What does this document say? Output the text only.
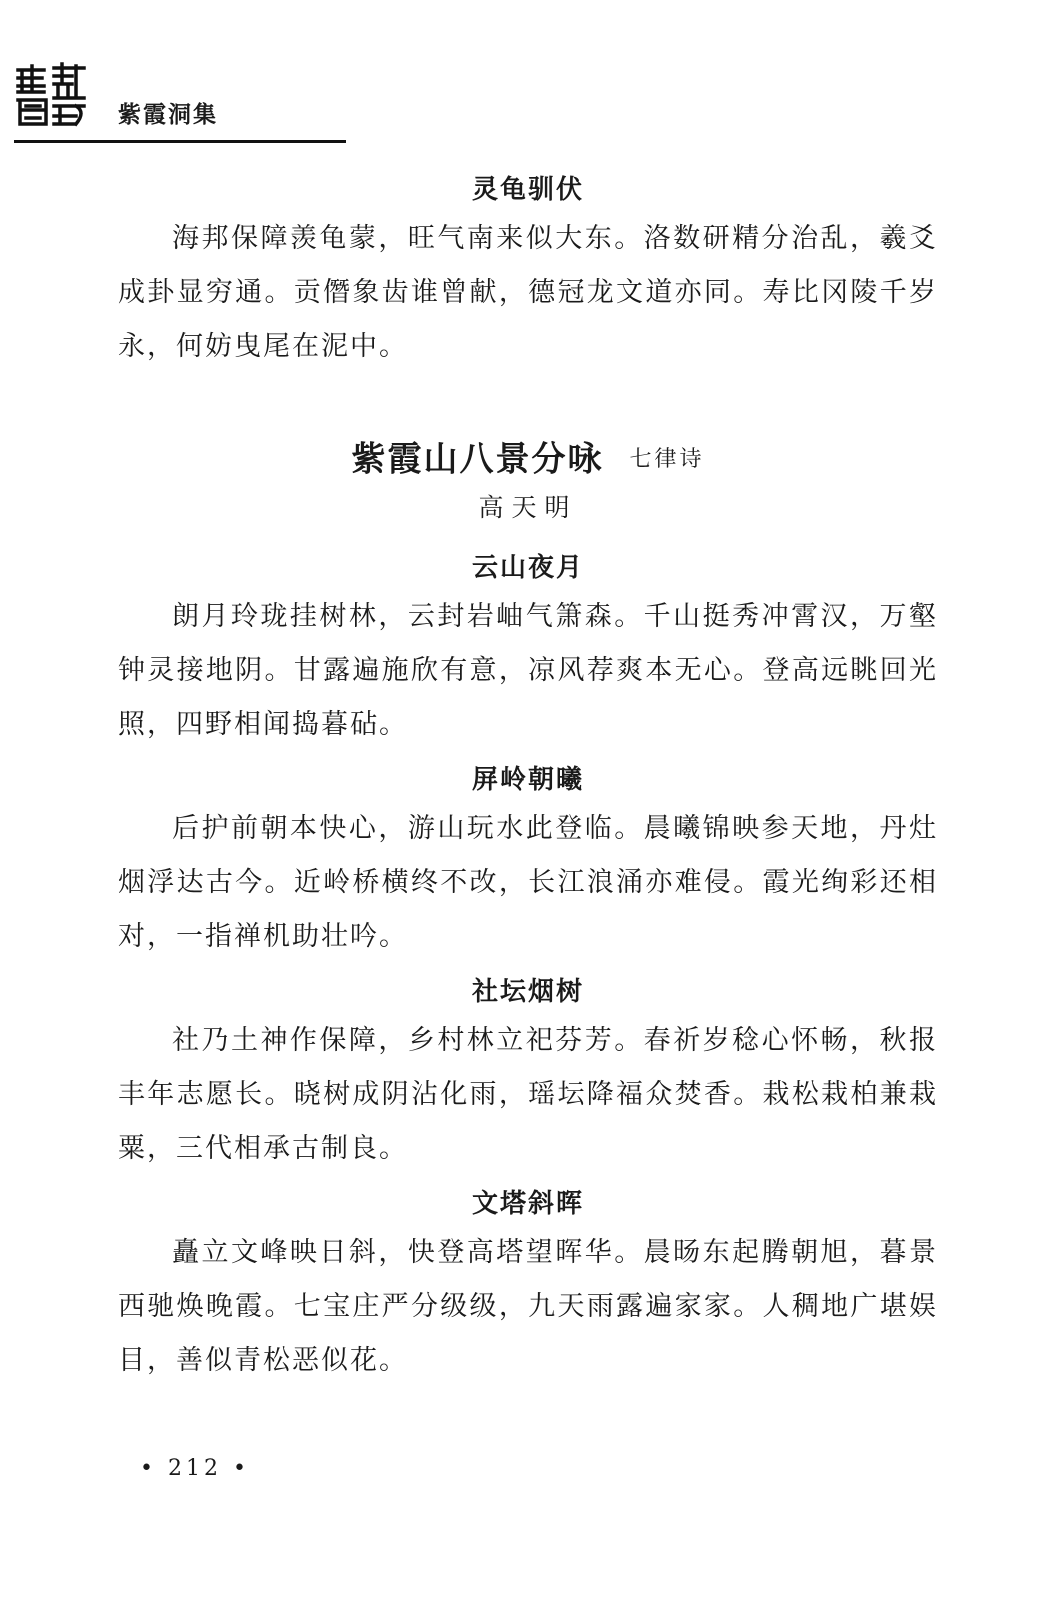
紫霞洞集
灵龟驯伏

海邦保障羡龟蒙，旺气南来似大东。洛数研精分治乱，羲爻成卦显穷通。贡僭象齿谁曾献，德冠龙文道亦同。寿比冈陵千岁永，何妨曳尾在泥中。

紫霞山八景分咏 七律诗
高天明
云山夜月

朗月玲珑挂树林，云封岩岫气箫森。千山挺秀冲霄汉，万壑钟灵接地阴。甘露遍施欣有意，凉风荐爽本无心。登高远眺回光照，四野相闻捣暮砧。

屏岭朝曦

后护前朝本快心，游山玩水此登临。晨曦锦映参天地，丹灶烟浮达古今。近岭桥横终不改，长江浪涌亦难侵。霞光绚彩还相对，一指禅机助壮吟。

社坛烟树

社乃土神作保障，乡村林立祀芬芳。春祈岁稔心怀畅，秋报丰年志愿长。晓树成阴沾化雨，瑶坛降福众焚香。栽松栽柏兼栽粟，三代相承古制良。

文塔斜晖

矗立文峰映日斜，快登高塔望晖华。晨旸东起腾朝旭，暮景西驰焕晚霞。七宝庄严分级级，九天雨露遍家家。人稠地广堪娱目，善似青松恶似花。

• 212 •
